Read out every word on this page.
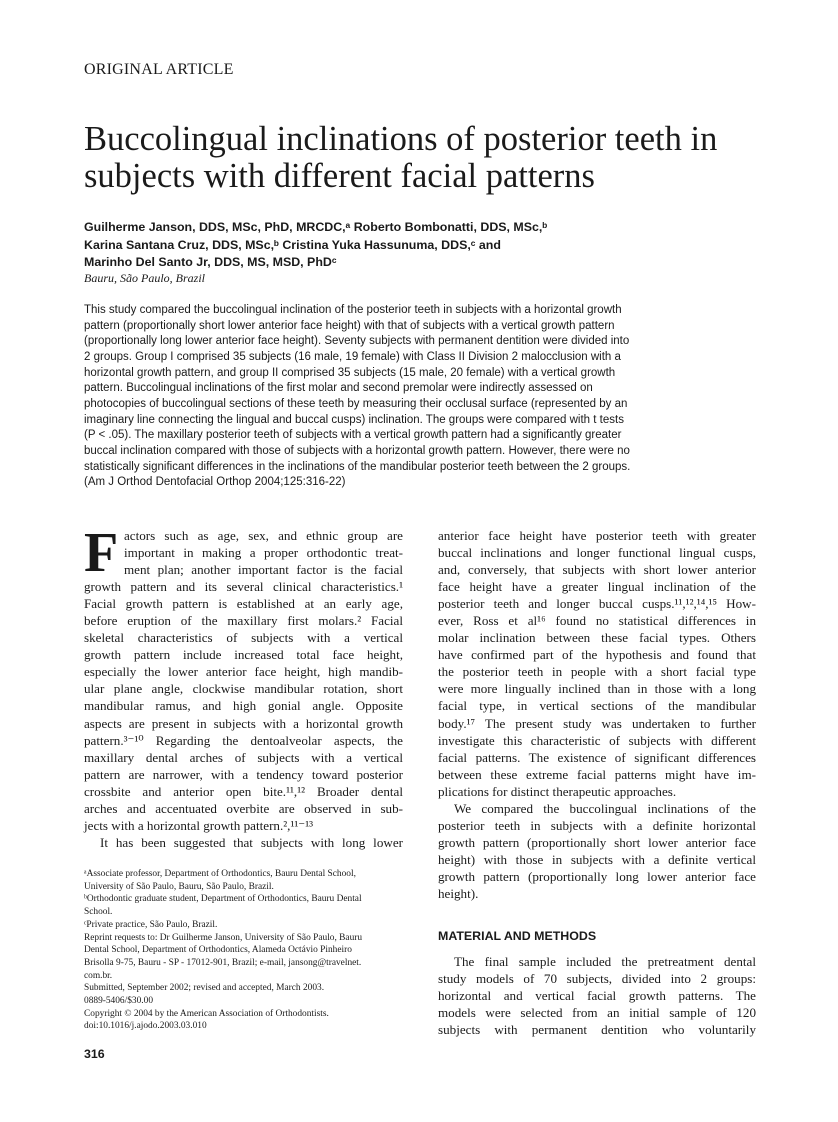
ORIGINAL ARTICLE
Buccolingual inclinations of posterior teeth in
subjects with different facial patterns
Guilherme Janson, DDS, MSc, PhD, MRCDC,ᵃ Roberto Bombonatti, DDS, MSc,ᵇ
Karina Santana Cruz, DDS, MSc,ᵇ Cristina Yuka Hassunuma, DDS,ᶜ and
Marinho Del Santo Jr, DDS, MS, MSD, PhDᶜ
Bauru, São Paulo, Brazil
This study compared the buccolingual inclination of the posterior teeth in subjects with a horizontal growth
pattern (proportionally short lower anterior face height) with that of subjects with a vertical growth pattern
(proportionally long lower anterior face height). Seventy subjects with permanent dentition were divided into
2 groups. Group I comprised 35 subjects (16 male, 19 female) with Class II Division 2 malocclusion with a
horizontal growth pattern, and group II comprised 35 subjects (15 male, 20 female) with a vertical growth
pattern. Buccolingual inclinations of the first molar and second premolar were indirectly assessed on
photocopies of buccolingual sections of these teeth by measuring their occlusal surface (represented by an
imaginary line connecting the lingual and buccal cusps) inclination. The groups were compared with t tests
(P < .05). The maxillary posterior teeth of subjects with a vertical growth pattern had a significantly greater
buccal inclination compared with those of subjects with a horizontal growth pattern. However, there were no
statistically significant differences in the inclinations of the mandibular posterior teeth between the 2 groups.
(Am J Orthod Dentofacial Orthop 2004;125:316-22)
F actors such as age, sex, and ethnic group are
important in making a proper orthodontic treat-
ment plan; another important factor is the facial
growth pattern and its several clinical characteristics.¹
Facial growth pattern is established at an early age,
before eruption of the maxillary first molars.² Facial
skeletal characteristics of subjects with a vertical
growth pattern include increased total face height,
especially the lower anterior face height, high mandib-
ular plane angle, clockwise mandibular rotation, short
mandibular ramus, and high gonial angle. Opposite
aspects are present in subjects with a horizontal growth
pattern.³⁻¹⁰ Regarding the dentoalveolar aspects, the
maxillary dental arches of subjects with a vertical
pattern are narrower, with a tendency toward posterior
crossbite and anterior open bite.¹¹,¹² Broader dental
arches and accentuated overbite are observed in sub-
jects with a horizontal growth pattern.²,¹¹⁻¹³
It has been suggested that subjects with long lower
ᵃAssociate professor, Department of Orthodontics, Bauru Dental School,
University of São Paulo, Bauru, São Paulo, Brazil.
ᵇOrthodontic graduate student, Department of Orthodontics, Bauru Dental
School.
ᶜPrivate practice, São Paulo, Brazil.
Reprint requests to: Dr Guilherme Janson, University of São Paulo, Bauru
Dental School, Department of Orthodontics, Alameda Octávio Pinheiro
Brisolla 9-75, Bauru - SP - 17012-901, Brazil; e-mail, jansong@travelnet.
com.br.
Submitted, September 2002; revised and accepted, March 2003.
0889-5406/$30.00
Copyright © 2004 by the American Association of Orthodontists.
doi:10.1016/j.ajodo.2003.03.010
anterior face height have posterior teeth with greater
buccal inclinations and longer functional lingual cusps,
and, conversely, that subjects with short lower anterior
face height have a greater lingual inclination of the
posterior teeth and longer buccal cusps.¹¹,¹²,¹⁴,¹⁵ How-
ever, Ross et al¹⁶ found no statistical differences in
molar inclination between these facial types. Others
have confirmed part of the hypothesis and found that
the posterior teeth in people with a short facial type
were more lingually inclined than in those with a long
facial type, in vertical sections of the mandibular
body.¹⁷ The present study was undertaken to further
investigate this characteristic of subjects with different
facial patterns. The existence of significant differences
between these extreme facial patterns might have im-
plications for distinct therapeutic approaches.
We compared the buccolingual inclinations of the
posterior teeth in subjects with a definite horizontal
growth pattern (proportionally short lower anterior face
height) with those in subjects with a definite vertical
growth pattern (proportionally long lower anterior face
height).
MATERIAL AND METHODS
The final sample included the pretreatment dental
study models of 70 subjects, divided into 2 groups:
horizontal and vertical facial growth patterns. The
models were selected from an initial sample of 120
subjects with permanent dentition who voluntarily
316
